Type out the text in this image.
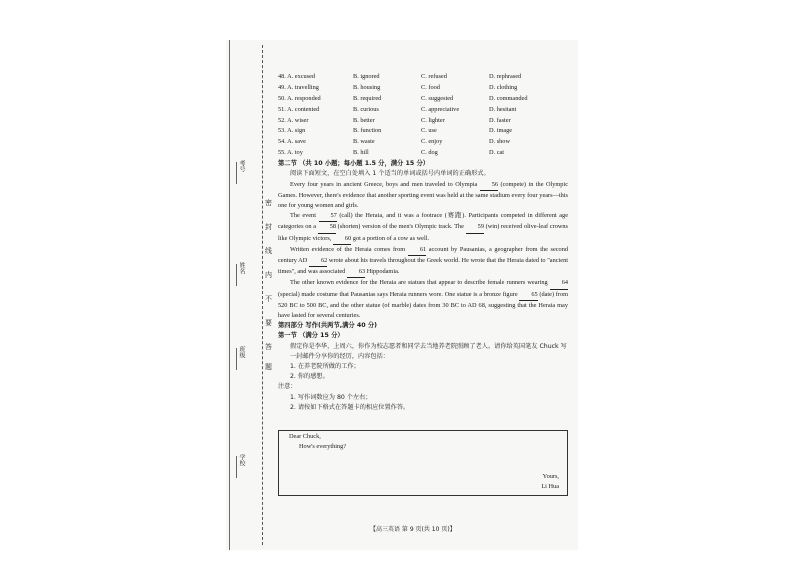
考号
姓名
班级
学校
密
封
线
内
不
要
答
题
48. A. excused	B. ignored	C. refused	D. rephrased
49. A. travelling	B. housing	C. food	D. clothing
50. A. responded	B. required	C. suggested	D. commanded
51. A. contented	B. curious	C. appreciative	D. hesitant
52. A. wiser	B. better	C. lighter	D. faster
53. A. sign	B. function	C. use	D. image
54. A. save	B. waste	C. enjoy	D. show
55. A. toy	B. hill	C. dog	D. cat
第二节 （共 10 小题；每小题 1.5 分，满分 15 分）
阅读下面短文，在空白处填入 1 个适当的单词或括号内单词的正确形式。

Every four years in ancient Greece, boys and men traveled to Olympia 56 (compete) in the Olympic Games. However, there's evidence that another sporting event was held at the same stadium every four years—this one for young women and girls.

The event 57 (call) the Heraia, and it was a footrace (赛跑). Participants competed in different age categories on a 58 (shorten) version of the men's Olympic track. The 59 (win) received olive-leaf crowns like Olympic victors, 60 got a portion of a cow as well.

Written evidence of the Heraia comes from 61 account by Pausanias, a geographer from the second century AD 62 wrote about his travels throughout the Greek world. He wrote that the Heraia dated to "ancient times", and was associated 63 Hippodamia.

The other known evidence for the Heraia are statues that appear to describe female runners wearing 64 (special) made costume that Pausanias says Heraia runners wore. One statue is a bronze figure 65 (date) from 520 BC to 500 BC, and the other statue (of marble) dates from 30 BC to AD 68, suggesting that the Heraia may have lasted for several centuries.

第四部分 写作(共两节,满分 40 分)
第一节 （满分 15 分）
假定你是李华，上周六，你作为校志愿者和同学去当地养老院照顾了老人。请你给英国笔友 Chuck 写一封邮件分享你的经历，内容包括：
1. 在养老院所做的工作；
2. 你的感想。
注意：
1. 写作词数应为 80 个左右；
2. 请按如下格式在答题卡的相应位置作答。
Dear Chuck,
How's everything?
Yours,
Li Hua
【高三英语 第 9 页(共 10 页)】
